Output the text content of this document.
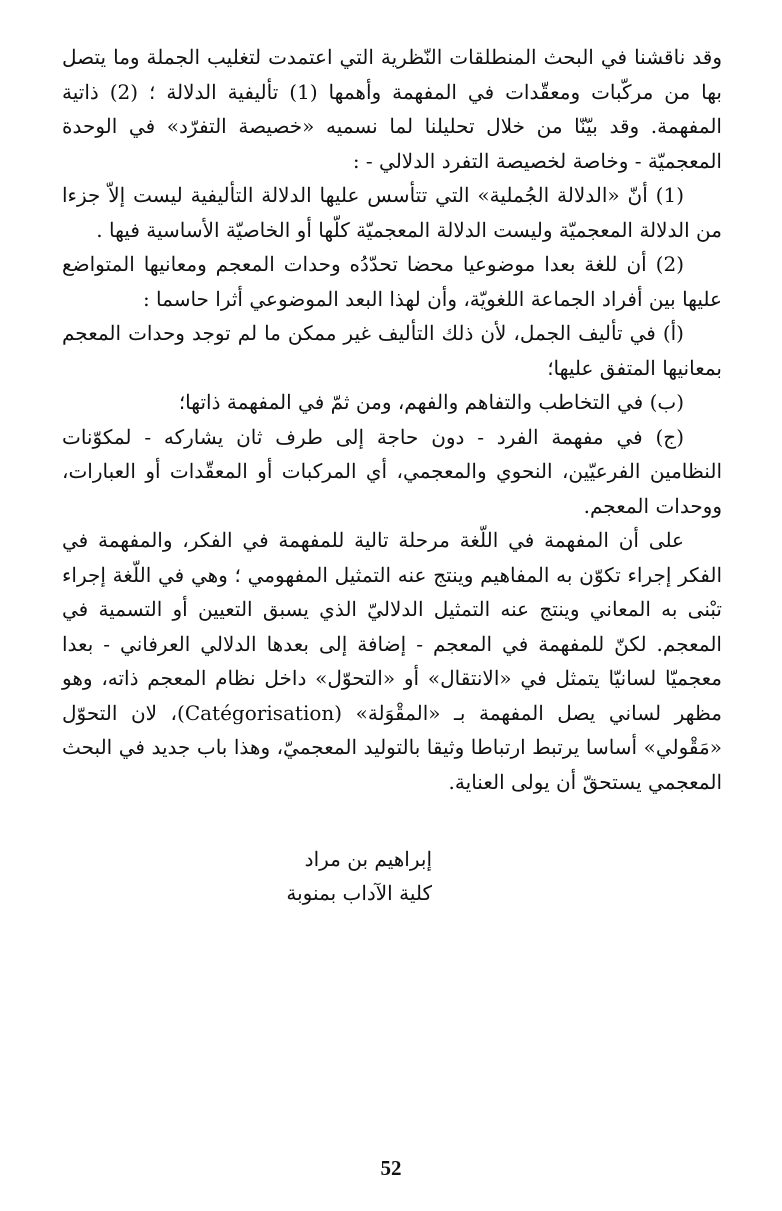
وقد ناقشنا في البحث المنطلقات النّظرية التي اعتمدت لتغليب الجملة وما يتصل بها من مركّبات ومعقّدات في المفهمة وأهمها (1) تأليفية الدلالة ؛ (2) ذاتية المفهمة. وقد بيّنّا من خلال تحليلنا لما نسميه «خصيصة التفرّد» في الوحدة المعجميّة - وخاصة لخصيصة التفرد الدلالي - :

(1) أنّ «الدلالة الجُملية» التي تتأسس عليها الدلالة التأليفية ليست إلاّ جزءا من الدلالة المعجميّة وليست الدلالة المعجميّة كلّها أو الخاصيّة الأساسية فيها .

(2) أن للغة بعدا موضوعيا محضا تحدّدُه وحدات المعجم ومعانيها المتواضع عليها بين أفراد الجماعة اللغويّة، وأن لهذا البعد الموضوعي أثرا حاسما :

(أ) في تأليف الجمل، لأن ذلك التأليف غير ممكن ما لم توجد وحدات المعجم بمعانيها المتفق عليها؛

(ب) في التخاطب والتفاهم والفهم، ومن ثمّ في المفهمة ذاتها؛

(ج) في مفهمة الفرد - دون حاجة إلى طرف ثان يشاركه - لمكوّنات النظامين الفرعيّين، النحوي والمعجمي، أي المركبات أو المعقّدات أو العبارات، ووحدات المعجم.

على أن المفهمة في اللّغة مرحلة تالية للمفهمة في الفكر، والمفهمة في الفكر إجراء تكوّن به المفاهيم وينتج عنه التمثيل المفهومي ؛ وهي في اللّغة إجراء تبْنى به المعاني وينتج عنه التمثيل الدلاليّ الذي يسبق التعيين أو التسمية في المعجم. لكنّ للمفهمة في المعجم - إضافة إلى بعدها الدلالي العرفاني - بعدا معجميّا لسانيّا يتمثل في «الانتقال» أو «التحوّل» داخل نظام المعجم ذاته، وهو مظهر لساني يصل المفهمة بـ «المقْوَلة» (Catégorisation)، لان التحوّل «مَقْولي» أساسا يرتبط ارتباطا وثيقا بالتوليد المعجميّ، وهذا باب جديد في البحث المعجمي يستحقّ أن يولى العناية.

إبراهيم بن مراد
كلية الآداب بمنوبة
52
